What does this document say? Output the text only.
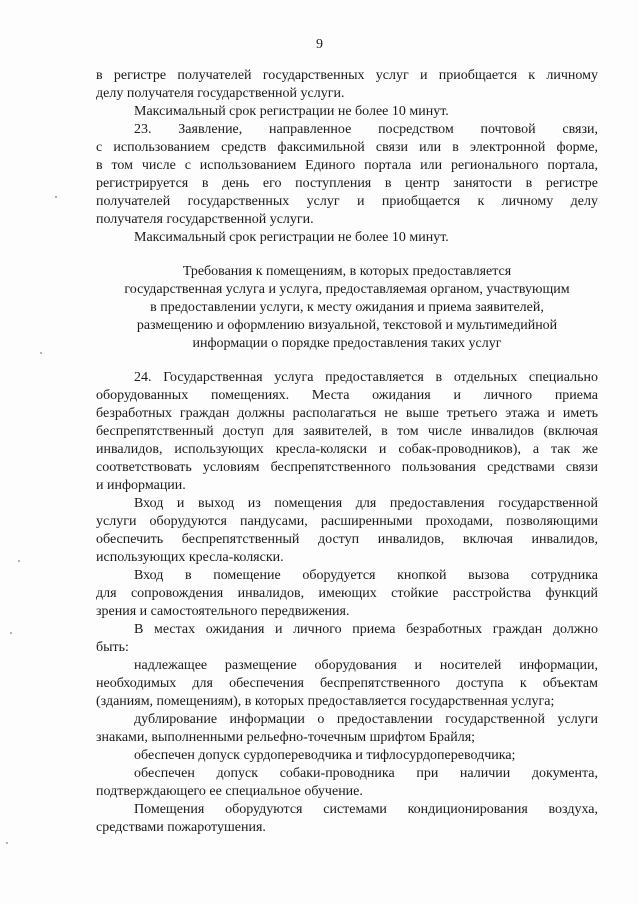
9
в регистре получателей государственных услуг и приобщается к личному
делу получателя государственной услуги.
Максимальный срок регистрации не более 10 минут.
23. Заявление, направленное посредством почтовой связи,
с использованием средств факсимильной связи или в электронной форме,
в том числе с использованием Единого портала или регионального портала,
регистрируется в день его поступления в центр занятости в регистре
получателей государственных услуг и приобщается к личному делу
получателя государственной услуги.
Максимальный срок регистрации не более 10 минут.
Требования к помещениям, в которых предоставляется
государственная услуга и услуга, предоставляемая органом, участвующим
в предоставлении услуги, к месту ожидания и приема заявителей,
размещению и оформлению визуальной, текстовой и мультимедийной
информации о порядке предоставления таких услуг
24. Государственная услуга предоставляется в отдельных специально
оборудованных помещениях. Места ожидания и личного приема
безработных граждан должны располагаться не выше третьего этажа и иметь
беспрепятственный доступ для заявителей, в том числе инвалидов (включая
инвалидов, использующих кресла-коляски и собак-проводников), а так же
соответствовать условиям беспрепятственного пользования средствами связи
и информации.
Вход и выход из помещения для предоставления государственной
услуги оборудуются пандусами, расширенными проходами, позволяющими
обеспечить беспрепятственный доступ инвалидов, включая инвалидов,
использующих кресла-коляски.
Вход в помещение оборудуется кнопкой вызова сотрудника
для сопровождения инвалидов, имеющих стойкие расстройства функций
зрения и самостоятельного передвижения.
В местах ожидания и личного приема безработных граждан должно
быть:
надлежащее размещение оборудования и носителей информации,
необходимых для обеспечения беспрепятственного доступа к объектам
(зданиям, помещениям), в которых предоставляется государственная услуга;
дублирование информации о предоставлении государственной услуги
знаками, выполненными рельефно-точечным шрифтом Брайля;
обеспечен допуск сурдопереводчика и тифлосурдопереводчика;
обеспечен допуск собаки-проводника при наличии документа,
подтверждающего ее специальное обучение.
Помещения оборудуются системами кондиционирования воздуха,
средствами пожаротушения.
